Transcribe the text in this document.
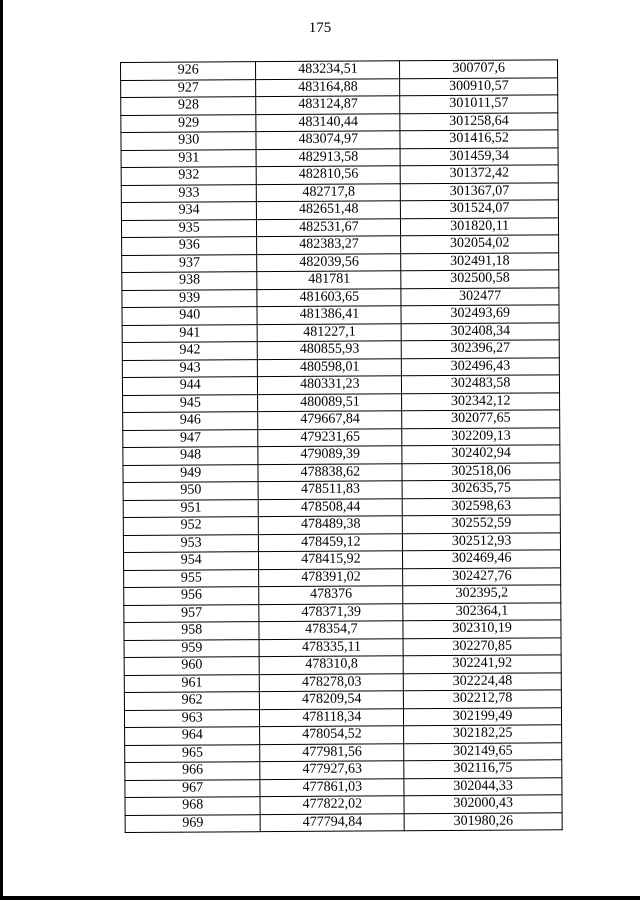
175
926	483234,51	300707,6
927	483164,88	300910,57
928	483124,87	301011,57
929	483140,44	301258,64
930	483074,97	301416,52
931	482913,58	301459,34
932	482810,56	301372,42
933	482717,8	301367,07
934	482651,48	301524,07
935	482531,67	301820,11
936	482383,27	302054,02
937	482039,56	302491,18
938	481781	302500,58
939	481603,65	302477
940	481386,41	302493,69
941	481227,1	302408,34
942	480855,93	302396,27
943	480598,01	302496,43
944	480331,23	302483,58
945	480089,51	302342,12
946	479667,84	302077,65
947	479231,65	302209,13
948	479089,39	302402,94
949	478838,62	302518,06
950	478511,83	302635,75
951	478508,44	302598,63
952	478489,38	302552,59
953	478459,12	302512,93
954	478415,92	302469,46
955	478391,02	302427,76
956	478376	302395,2
957	478371,39	302364,1
958	478354,7	302310,19
959	478335,11	302270,85
960	478310,8	302241,92
961	478278,03	302224,48
962	478209,54	302212,78
963	478118,34	302199,49
964	478054,52	302182,25
965	477981,56	302149,65
966	477927,63	302116,75
967	477861,03	302044,33
968	477822,02	302000,43
969	477794,84	301980,26
